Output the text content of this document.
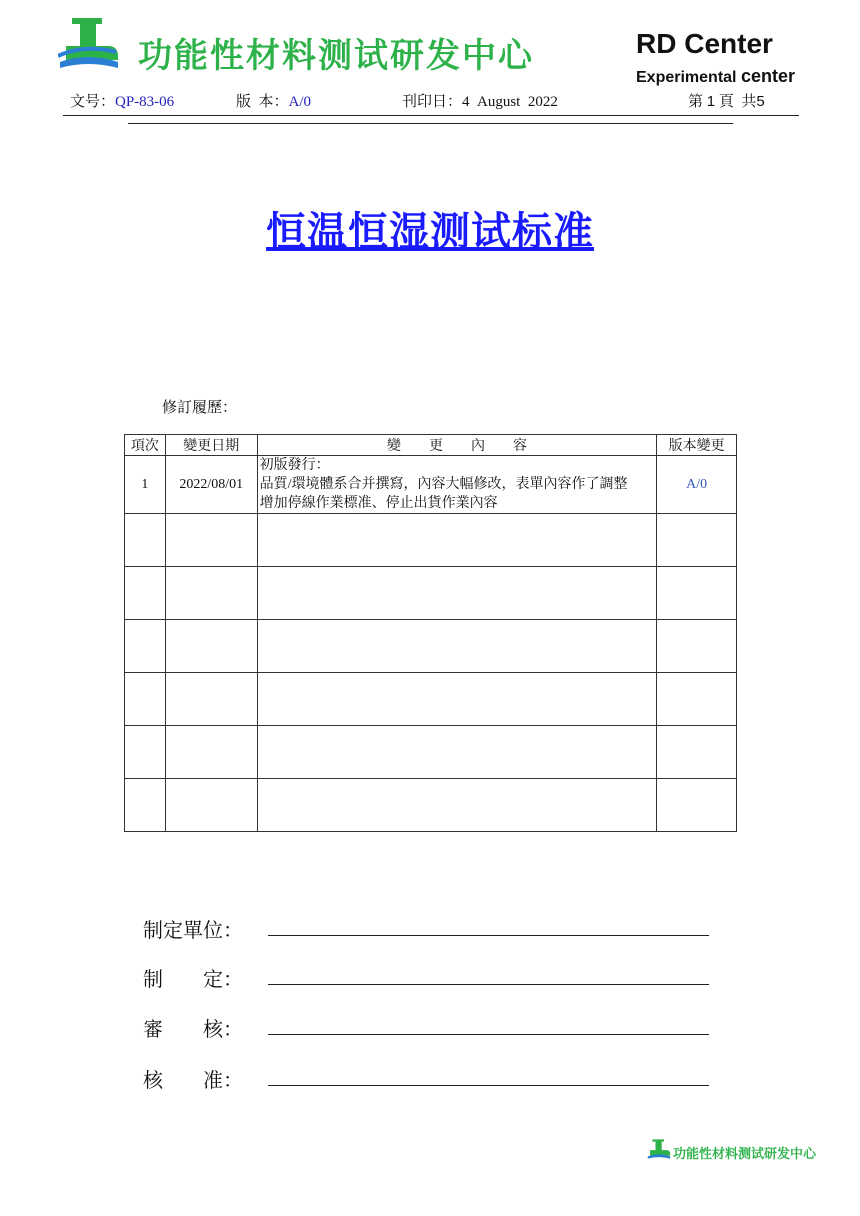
功能性材料测试研发中心	RD Center
Experimental center
文号：QP-83-06	版  本：A/0	刊印日：4  August  2022	第 1 頁  共5
恒温恒湿测试标准
修訂履歷：
項次	變更日期	變 更 內 容	版本變更
1	2022/08/01	初版發行：
品質/環境體系合并撰寫，內容大幅修改，表單內容作了調整
增加停線作業標准、停止出貨作業內容	A/0

制定單位：
制　　定：
審　　核：
核　　准：
功能性材料测试研发中心
